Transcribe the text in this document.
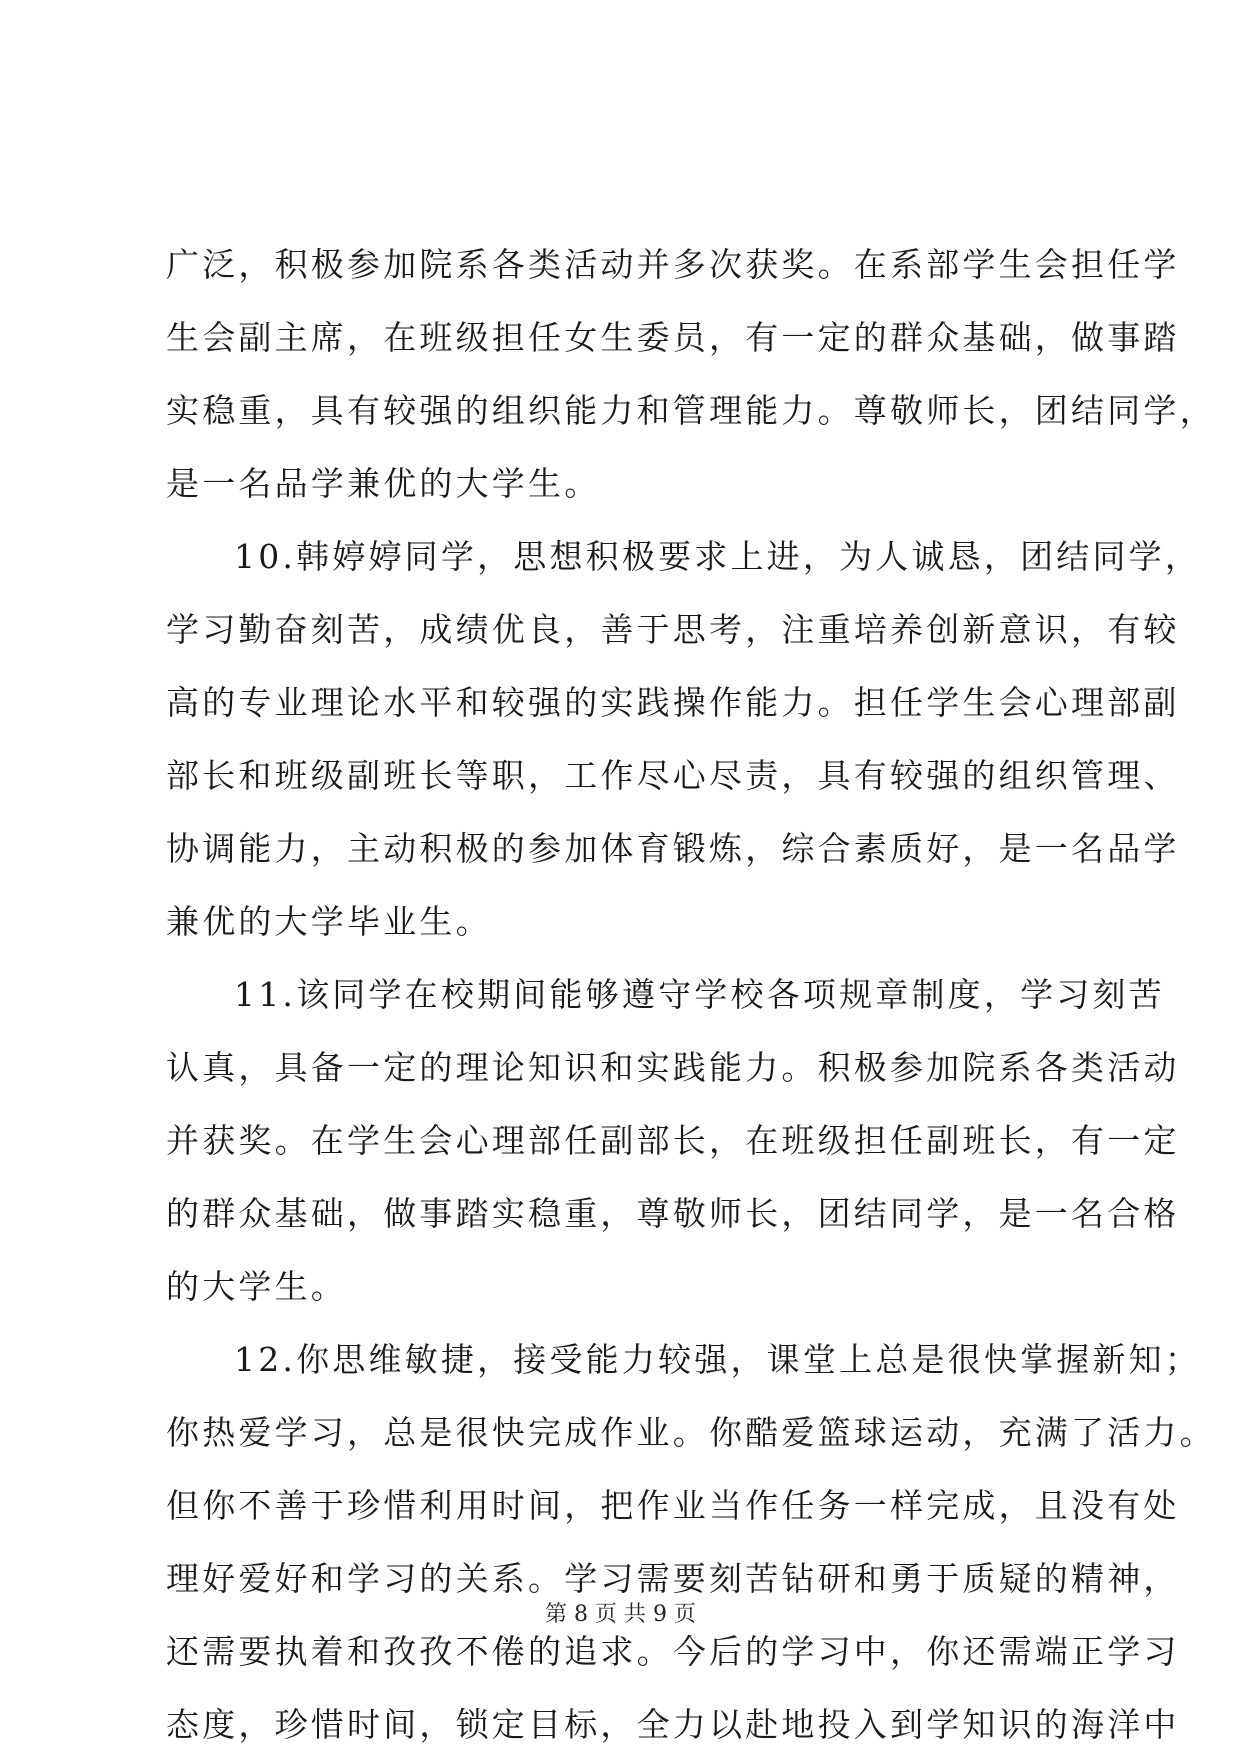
广泛，积极参加院系各类活动并多次获奖。在系部学生会担任学
生会副主席，在班级担任女生委员，有一定的群众基础，做事踏
实稳重，具有较强的组织能力和管理能力。尊敬师长，团结同学，
是一名品学兼优的大学生。
10.韩婷婷同学，思想积极要求上进，为人诚恳，团结同学，
学习勤奋刻苦，成绩优良，善于思考，注重培养创新意识，有较
高的专业理论水平和较强的实践操作能力。担任学生会心理部副
部长和班级副班长等职，工作尽心尽责，具有较强的组织管理、
协调能力，主动积极的参加体育锻炼，综合素质好，是一名品学
兼优的大学毕业生。
11.该同学在校期间能够遵守学校各项规章制度，学习刻苦
认真，具备一定的理论知识和实践能力。积极参加院系各类活动
并获奖。在学生会心理部任副部长，在班级担任副班长，有一定
的群众基础，做事踏实稳重，尊敬师长，团结同学，是一名合格
的大学生。
12.你思维敏捷，接受能力较强，课堂上总是很快掌握新知；
你热爱学习，总是很快完成作业。你酷爱篮球运动，充满了活力。
但你不善于珍惜利用时间，把作业当作任务一样完成，且没有处
理好爱好和学习的关系。学习需要刻苦钻研和勇于质疑的精神，
还需要执着和孜孜不倦的追求。今后的学习中，你还需端正学习
态度，珍惜时间，锁定目标，全力以赴地投入到学知识的海洋中
第 8 页 共 9 页
